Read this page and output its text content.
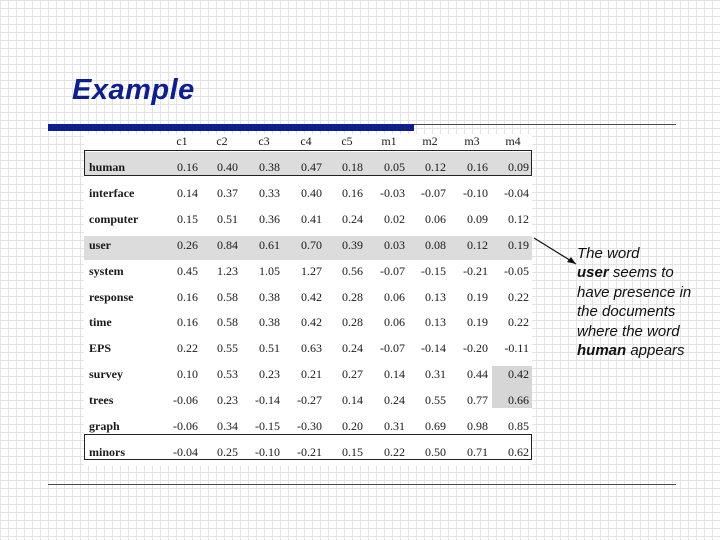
Example
c1	c2	c3	c4	c5	m1	m2	m3	m4
human	0.16	0.40	0.38	0.47	0.18	0.05	0.12	0.16	0.09
interface	0.14	0.37	0.33	0.40	0.16	-0.03	-0.07	-0.10	-0.04
computer	0.15	0.51	0.36	0.41	0.24	0.02	0.06	0.09	0.12
user	0.26	0.84	0.61	0.70	0.39	0.03	0.08	0.12	0.19
system	0.45	1.23	1.05	1.27	0.56	-0.07	-0.15	-0.21	-0.05
response	0.16	0.58	0.38	0.42	0.28	0.06	0.13	0.19	0.22
time	0.16	0.58	0.38	0.42	0.28	0.06	0.13	0.19	0.22
EPS	0.22	0.55	0.51	0.63	0.24	-0.07	-0.14	-0.20	-0.11
survey	0.10	0.53	0.23	0.21	0.27	0.14	0.31	0.44	0.42
trees	-0.06	0.23	-0.14	-0.27	0.14	0.24	0.55	0.77	0.66
graph	-0.06	0.34	-0.15	-0.30	0.20	0.31	0.69	0.98	0.85
minors	-0.04	0.25	-0.10	-0.21	0.15	0.22	0.50	0.71	0.62
The word
user seems to have presence in the documents where the word human appears
